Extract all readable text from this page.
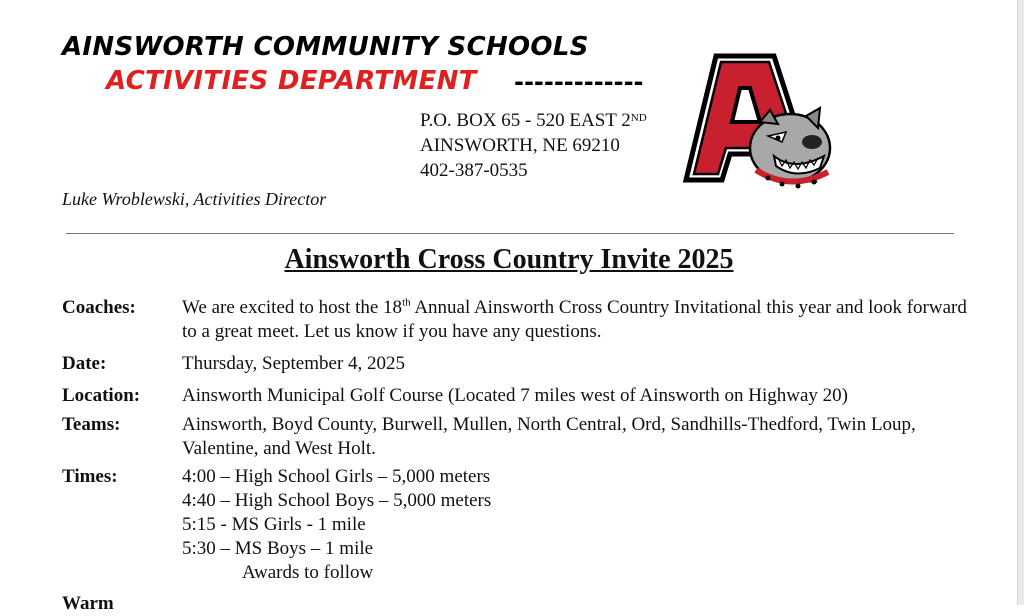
AINSWORTH COMMUNITY SCHOOLS
ACTIVITIES DEPARTMENT -------------
P.O. BOX 65 - 520 EAST 2ND
AINSWORTH, NE 69210
402-387-0535
Luke Wroblewski, Activities Director
Ainsworth Cross Country Invite 2025
Coaches: We are excited to host the 18th Annual Ainsworth Cross Country Invitational this year and look forward to a great meet. Let us know if you have any questions.
Date:	Thursday, September 4, 2025
Location: Ainsworth Municipal Golf Course (Located 7 miles west of Ainsworth on Highway 20)
Teams:	Ainsworth, Boyd County, Burwell, Mullen, North Central, Ord, Sandhills-Thedford, Twin Loup, Valentine, and West Holt.
Times:	4:00 – High School Girls – 5,000 meters
4:40 – High School Boys – 5,000 meters
5:15 - MS Girls - 1 mile
5:30 – MS Boys – 1 mile
Awards to follow
Warm
